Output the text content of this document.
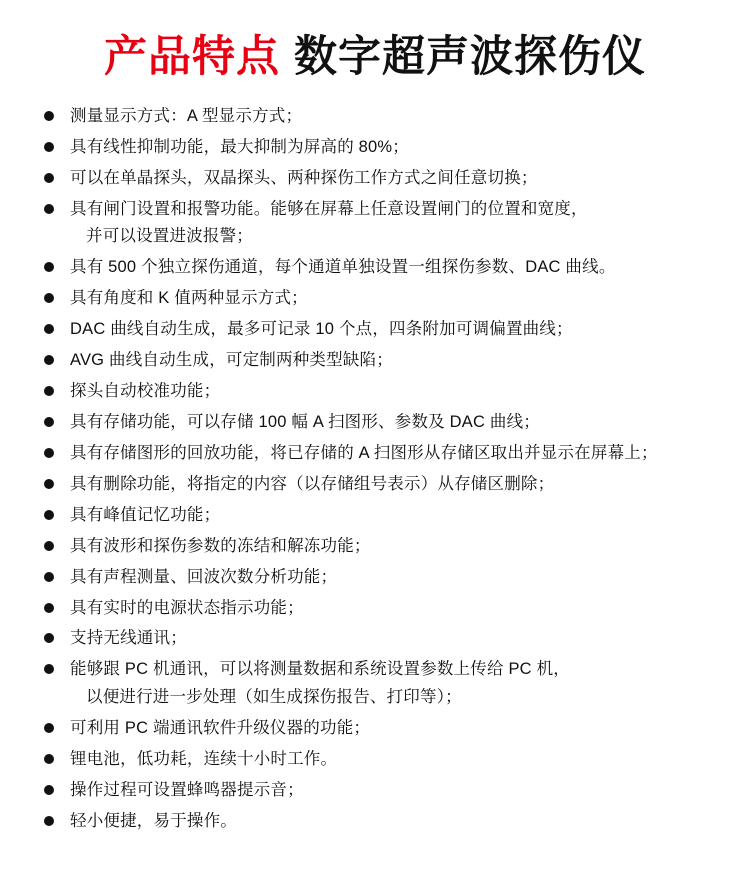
产品特点 数字超声波探伤仪
测量显示方式：A 型显示方式；
具有线性抑制功能，最大抑制为屏高的 80%；
可以在单晶探头，双晶探头、两种探伤工作方式之间任意切换；
具有闸门设置和报警功能。能够在屏幕上任意设置闸门的位置和宽度，
并可以设置进波报警；
具有 500 个独立探伤通道，每个通道单独设置一组探伤参数、DAC 曲线。
具有角度和 K 值两种显示方式；
DAC 曲线自动生成，最多可记录 10 个点，四条附加可调偏置曲线；
AVG 曲线自动生成，可定制两种类型缺陷；
探头自动校准功能；
具有存储功能，可以存储 100 幅 A 扫图形、参数及 DAC 曲线；
具有存储图形的回放功能，将已存储的 A 扫图形从存储区取出并显示在屏幕上；
具有删除功能，将指定的内容（以存储组号表示）从存储区删除；
具有峰值记忆功能；
具有波形和探伤参数的冻结和解冻功能；
具有声程测量、回波次数分析功能；
具有实时的电源状态指示功能；
支持无线通讯；
能够跟 PC 机通讯，可以将测量数据和系统设置参数上传给 PC 机，
以便进行进一步处理（如生成探伤报告、打印等）；
可利用 PC 端通讯软件升级仪器的功能；
锂电池，低功耗，连续十小时工作。
操作过程可设置蜂鸣器提示音；
轻小便捷，易于操作。
